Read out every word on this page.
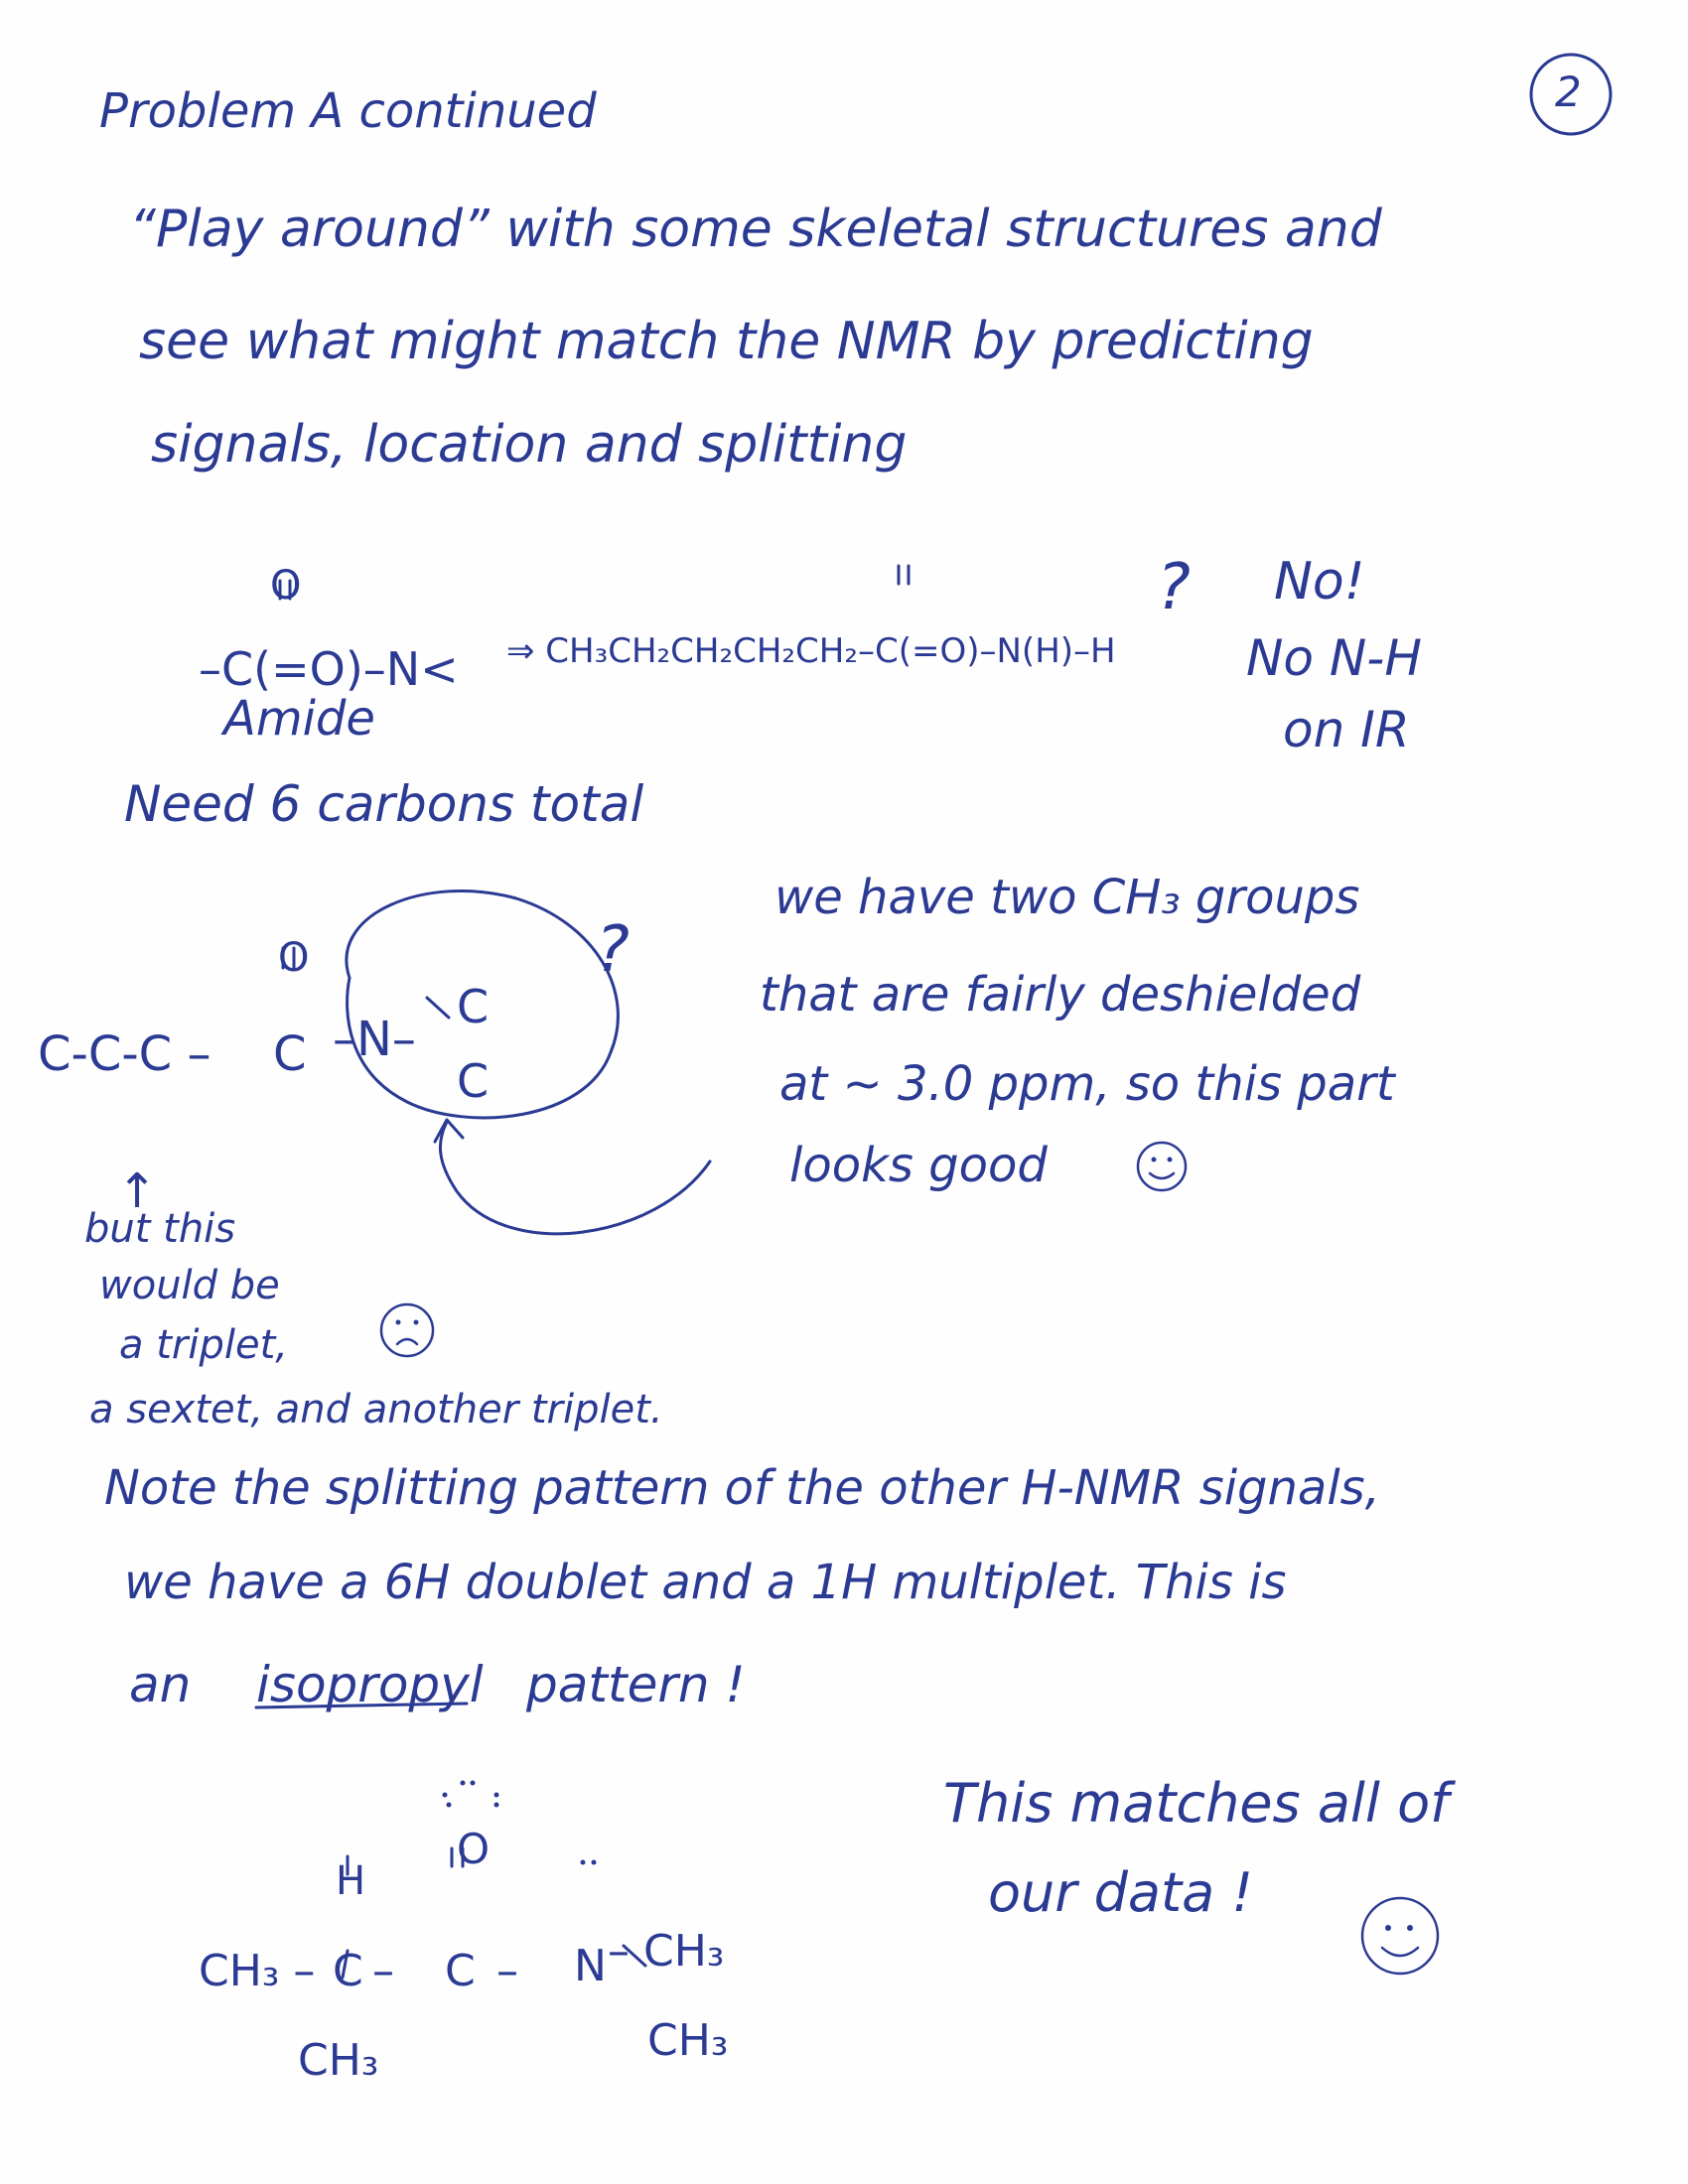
Problem A continued	2

“Play around” with some skeletal structures and

see what might match the NMR by predicting

signals, location and splitting

O

–C(=O)–N< ⇒ CH₃CH₂CH₂CH₂CH₂–C(=O)–N(H)–H

? No!

No N-H

on IR

Amide

Need 6 carbons total

O

C-C-C – C –N–

C

C

?

we have two CH₃ groups

that are fairly deshielded

at ~ 3.0 ppm, so this part

looks good

↑

but this

would be

a triplet,

a sextet, and another triplet.

Note the splitting pattern of the other H-NMR signals,

we have a 6H doublet and a 1H multiplet. This is

an isopropyl pattern !

O

H

CH₃ – C – C – N – CH₃

CH₃

CH₃

This matches all of

our data !
